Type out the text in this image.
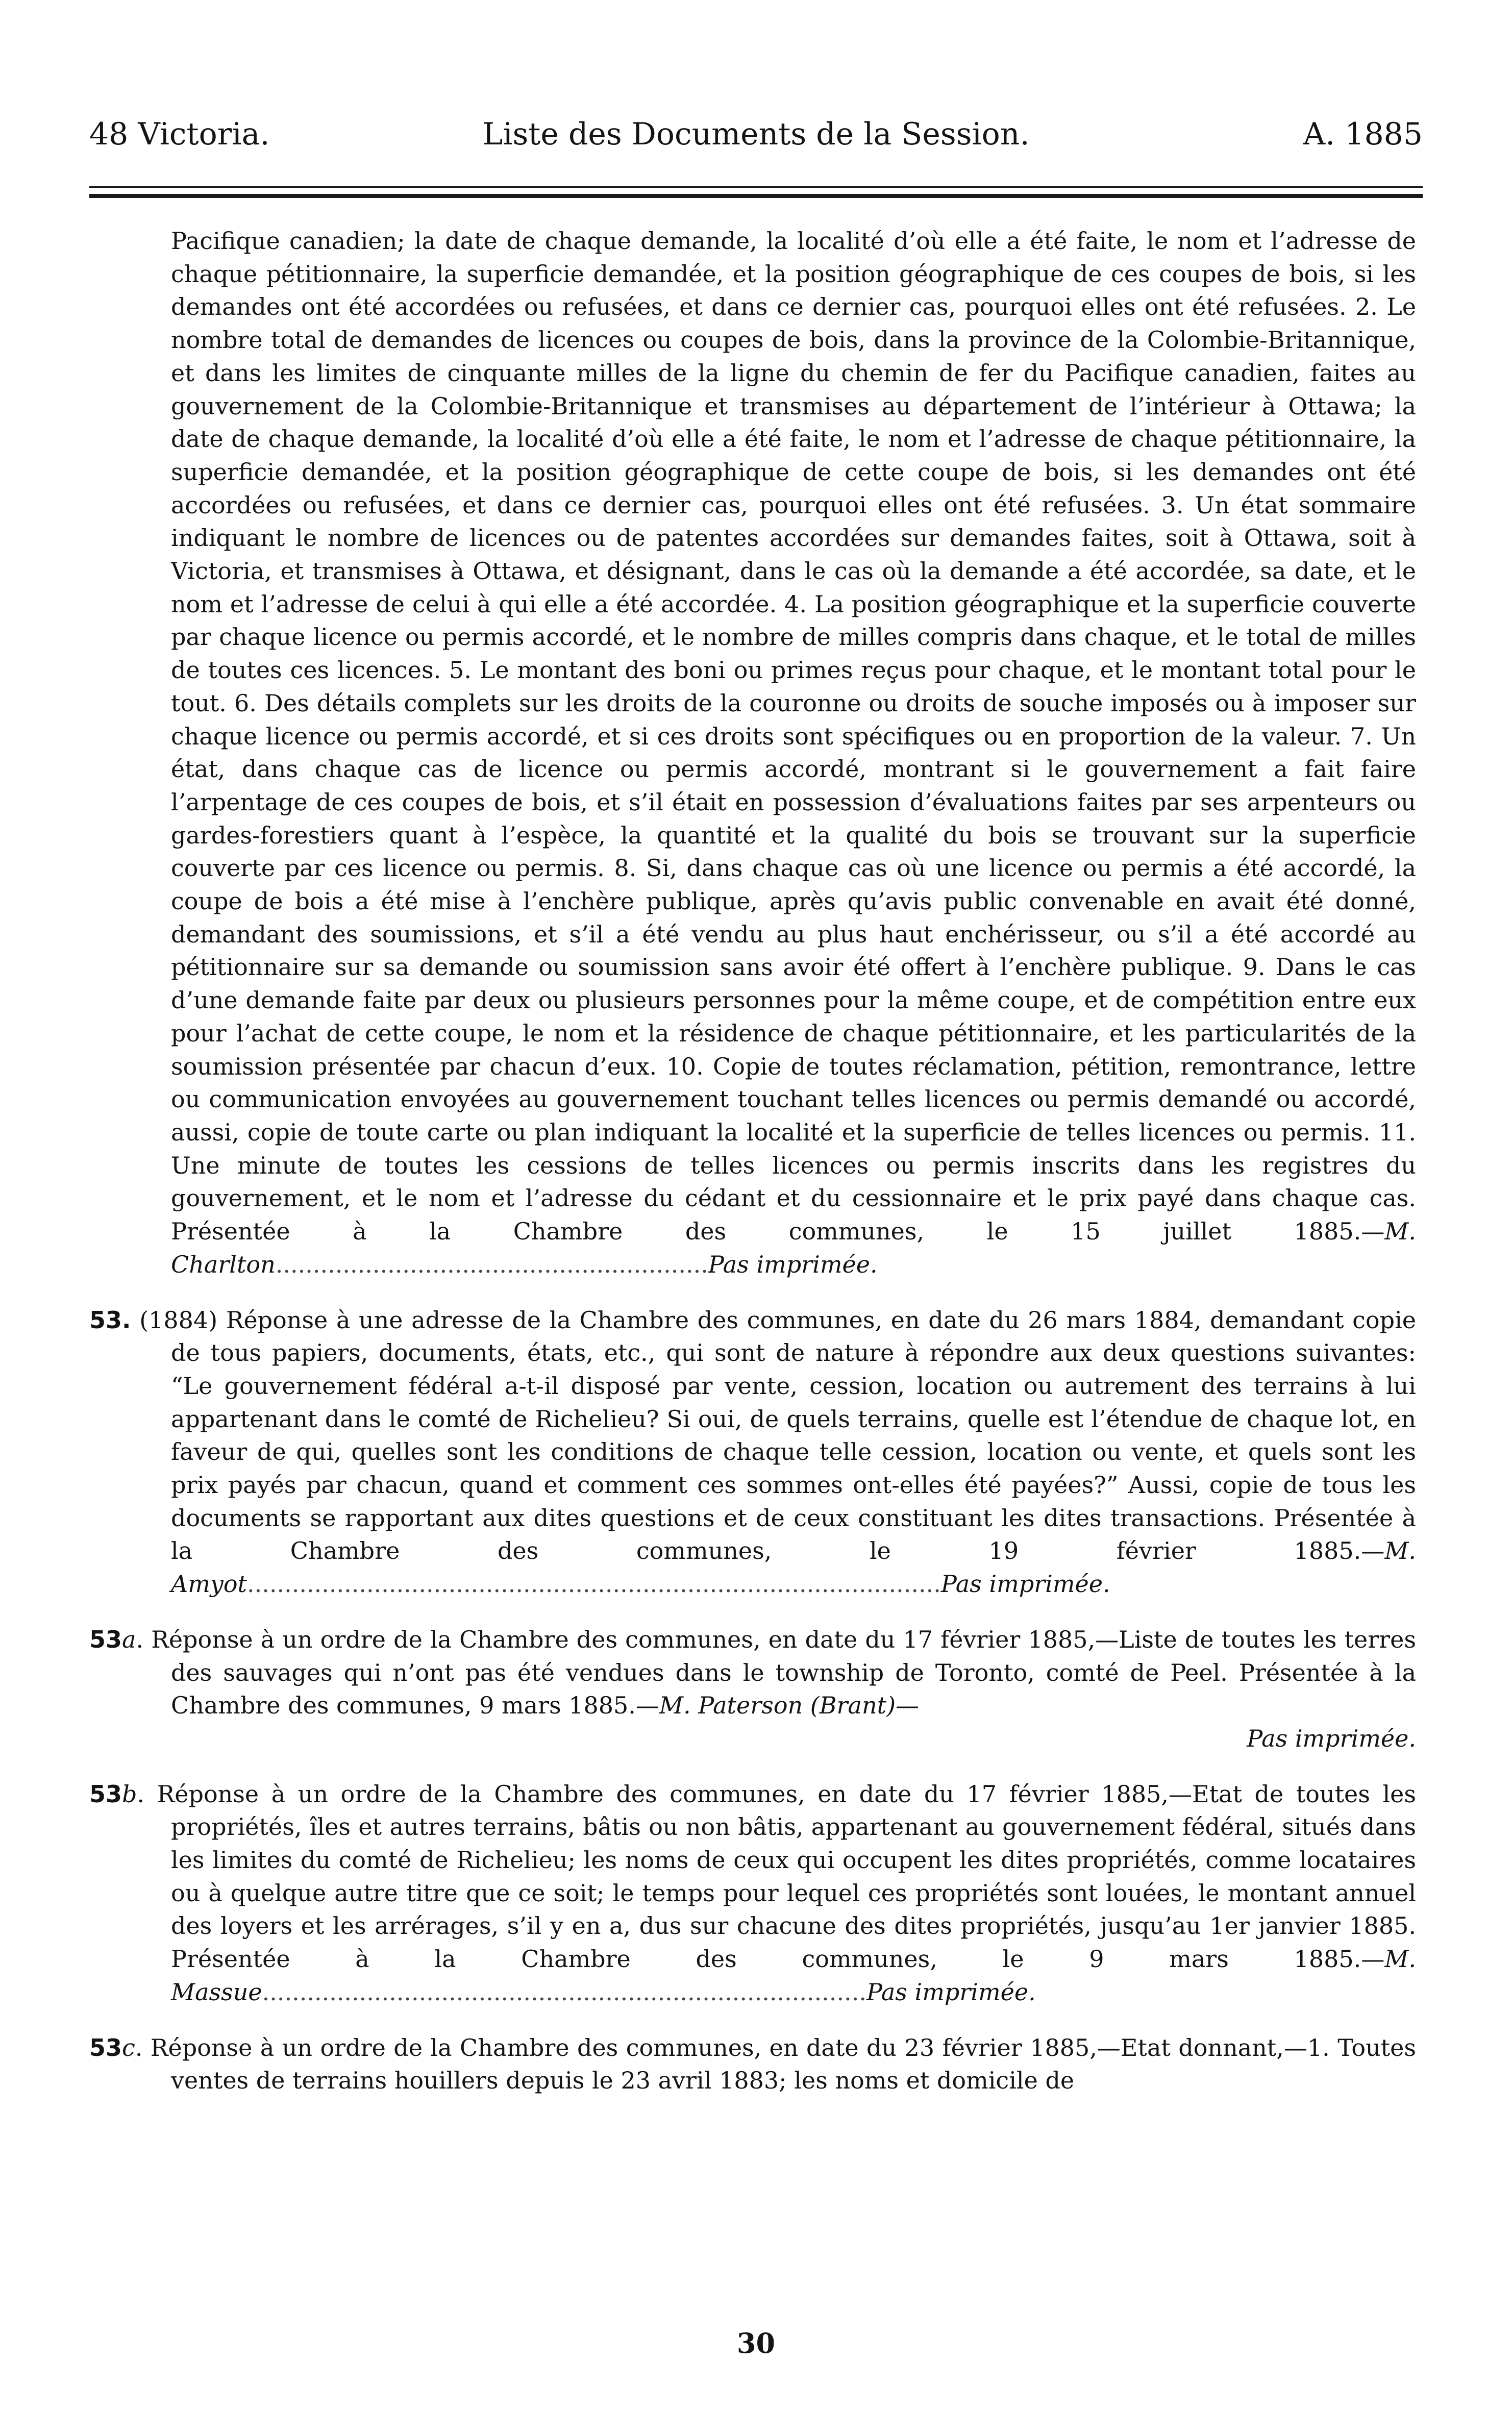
48 Victoria.	Liste des Documents de la Session.	A. 1885

Pacifique canadien; la date de chaque demande, la localité d’où elle a été faite, le nom et l’adresse de chaque pétitionnaire, la superficie demandée, et la position géographique de ces coupes de bois, si les demandes ont été accordées ou refusées, et dans ce dernier cas, pourquoi elles ont été refusées. 2. Le nombre total de demandes de licences ou coupes de bois, dans la province de la Colombie-Britannique, et dans les limites de cinquante milles de la ligne du chemin de fer du Pacifique canadien, faites au gouvernement de la Colombie-Britannique et transmises au département de l’intérieur à Ottawa; la date de chaque demande, la localité d’où elle a été faite, le nom et l’adresse de chaque pétitionnaire, la superficie demandée, et la position géographique de cette coupe de bois, si les demandes ont été accordées ou refusées, et dans ce dernier cas, pourquoi elles ont été refusées. 3. Un état sommaire indiquant le nombre de licences ou de patentes accordées sur demandes faites, soit à Ottawa, soit à Victoria, et transmises à Ottawa, et désignant, dans le cas où la demande a été accordée, sa date, et le nom et l’adresse de celui à qui elle a été accordée. 4. La position géographique et la superficie couverte par chaque licence ou permis accordé, et le nombre de milles compris dans chaque, et le total de milles de toutes ces licences. 5. Le montant des boni ou primes reçus pour chaque, et le montant total pour le tout. 6. Des détails complets sur les droits de la couronne ou droits de souche imposés ou à imposer sur chaque licence ou permis accordé, et si ces droits sont spécifiques ou en proportion de la valeur. 7. Un état, dans chaque cas de licence ou permis accordé, montrant si le gouvernement a fait faire l’arpentage de ces coupes de bois, et s’il était en possession d’évaluations faites par ses arpenteurs ou gardes-forestiers quant à l’espèce, la quantité et la qualité du bois se trouvant sur la superficie couverte par ces licence ou permis. 8. Si, dans chaque cas où une licence ou permis a été accordé, la coupe de bois a été mise à l’enchère publique, après qu’avis public convenable en avait été donné, demandant des soumissions, et s’il a été vendu au plus haut enchérisseur, ou s’il a été accordé au pétitionnaire sur sa demande ou soumission sans avoir été offert à l’enchère publique. 9. Dans le cas d’une demande faite par deux ou plusieurs personnes pour la même coupe, et de compétition entre eux pour l’achat de cette coupe, le nom et la résidence de chaque pétitionnaire, et les particularités de la soumission présentée par chacun d’eux. 10. Copie de toutes réclamation, pétition, remontrance, lettre ou communication envoyées au gouvernement touchant telles licences ou permis demandé ou accordé, aussi, copie de toute carte ou plan indiquant la localité et la superficie de telles licences ou permis. 11. Une minute de toutes les cessions de telles licences ou permis inscrits dans les registres du gouvernement, et le nom et l’adresse du cédant et du cessionnaire et le prix payé dans chaque cas. Présentée à la Chambre des communes, le 15 juillet 1885.—M. Charlton..........................................................Pas imprimée.

53. (1884) Réponse à une adresse de la Chambre des communes, en date du 26 mars 1884, demandant copie de tous papiers, documents, états, etc., qui sont de nature à répondre aux deux questions suivantes: “Le gouvernement fédéral a-t-il disposé par vente, cession, location ou autrement des terrains à lui appartenant dans le comté de Richelieu? Si oui, de quels terrains, quelle est l’étendue de chaque lot, en faveur de qui, quelles sont les conditions de chaque telle cession, location ou vente, et quels sont les prix payés par chacun, quand et comment ces sommes ont-elles été payées?” Aussi, copie de tous les documents se rapportant aux dites questions et de ceux constituant les dites transactions. Présentée à la Chambre des communes, le 19 février 1885.—M. Amyot.............................................................................................Pas imprimée.

53a. Réponse à un ordre de la Chambre des communes, en date du 17 février 1885,—Liste de toutes les terres des sauvages qui n’ont pas été vendues dans le township de Toronto, comté de Peel. Présentée à la Chambre des communes, 9 mars 1885.—M. Paterson (Brant)—
Pas imprimée.

53b. Réponse à un ordre de la Chambre des communes, en date du 17 février 1885,—Etat de toutes les propriétés, îles et autres terrains, bâtis ou non bâtis, appartenant au gouvernement fédéral, situés dans les limites du comté de Richelieu; les noms de ceux qui occupent les dites propriétés, comme locataires ou à quelque autre titre que ce soit; le temps pour lequel ces propriétés sont louées, le montant annuel des loyers et les arrérages, s’il y en a, dus sur chacune des dites propriétés, jusqu’au 1er janvier 1885. Présentée à la Chambre des communes, le 9 mars 1885.—M. Massue.................................................................................Pas imprimée.

53c. Réponse à un ordre de la Chambre des communes, en date du 23 février 1885,—Etat donnant,—1. Toutes ventes de terrains houillers depuis le 23 avril 1883; les noms et domicile de

30
